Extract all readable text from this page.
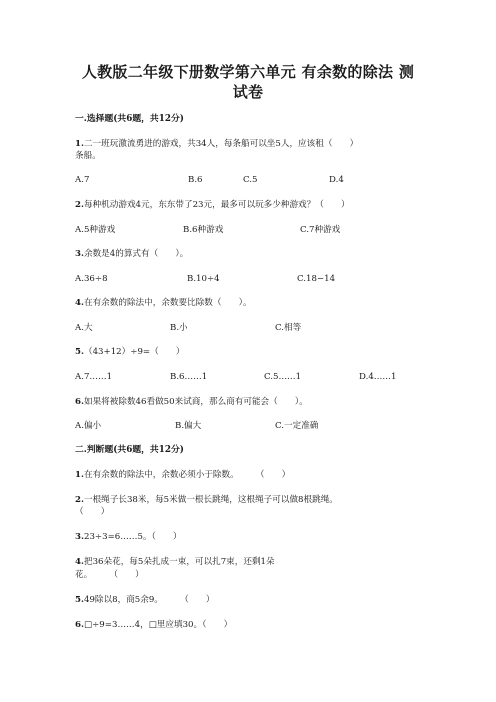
人教版二年级下册数学第六单元 有余数的除法 测
试卷
一.选择题(共6题，共12分)
1.二一班玩激流勇进的游戏，共34人，每条船可以坐5人，应该租（　　）
条船。
A.7	B.6	C.5	D.4
2.每种机动游戏4元，东东带了23元，最多可以玩多少种游戏？（　　）
A.5种游戏	B.6种游戏	C.7种游戏
3.余数是4的算式有（　　）。
A.36÷8	B.10÷4	C.18−14
4.在有余数的除法中，余数要比除数（　　）。
A.大	B.小	C.相等
5.（43+12）÷9=（　　）
A.7……1	B.6……1	C.5……1	D.4……1
6.如果将被除数46看做50来试商，那么商有可能会（　　）。
A.偏小	B.偏大	C.一定准确
二.判断题(共6题，共12分)
1.在有余数的除法中，余数必须小于除数。　　　（　　）
2.一根绳子长38米，每5米做一根长跳绳，这根绳子可以做8根跳绳。
（　　）
3.23÷3=6……5。（　　）
4.把36朵花，每5朵扎成一束，可以扎7束，还剩1朵
花。　　　（　　）
5.49除以8，商5余9。　　　（　　）
6.□÷9=3……4，□里应填30。（　　）
